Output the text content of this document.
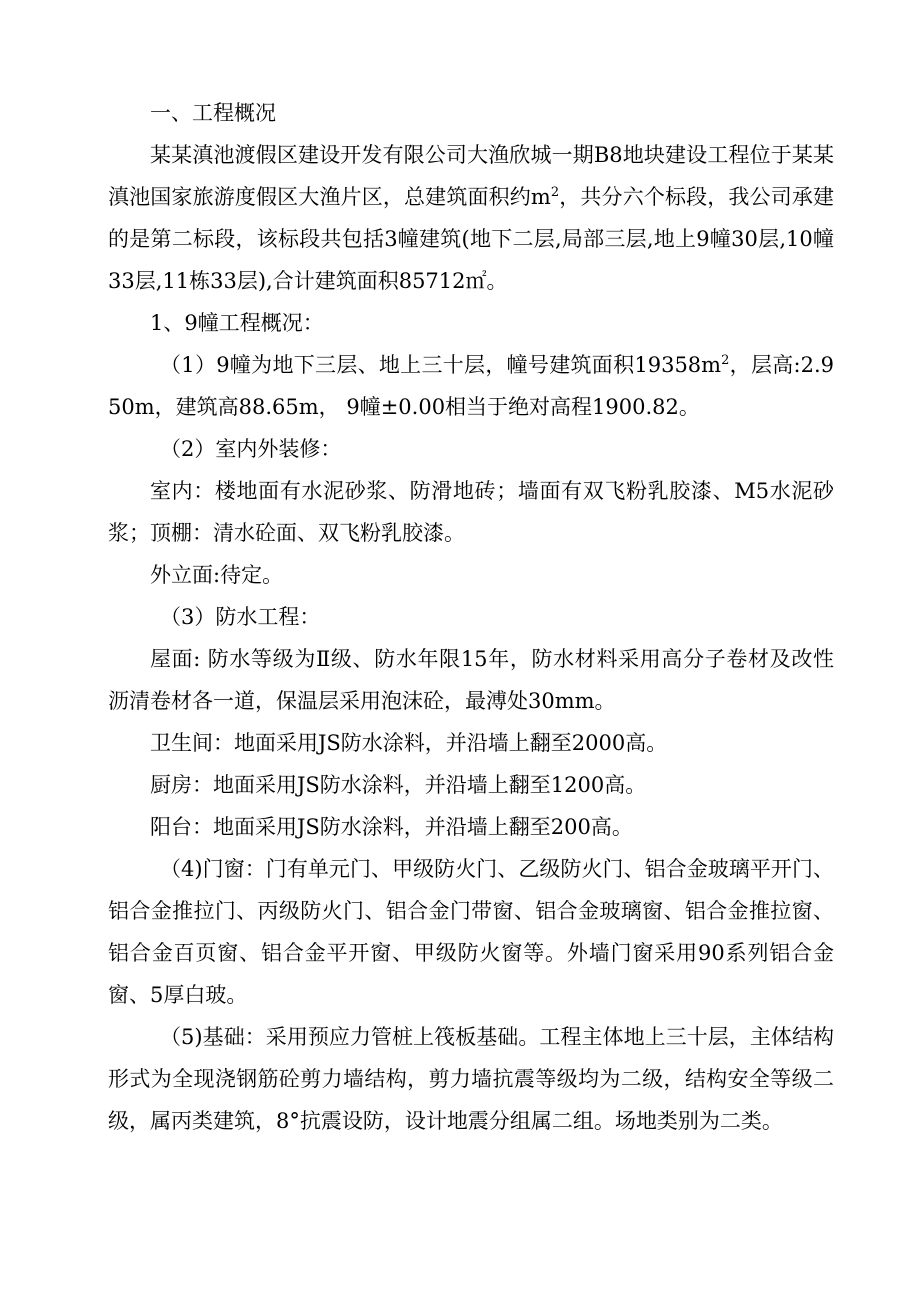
一、工程概况

某某滇池渡假区建设开发有限公司大渔欣城一期B8地块建设工程位于某某滇池国家旅游度假区大渔片区，总建筑面积约$m^2$，共分六个标段，我公司承建的是第二标段，该标段共包括3幢建筑(地下二层,局部三层,地上9幢30层,10幢33层,11栋33层),合计建筑面积85712㎡。

1、9幢工程概况：

（1）9幢为地下三层、地上三十层，幢号建筑面积$19358m^2$，层高:2.950m，建筑高88.65m， 9幢±0.00相当于绝对高程1900.82。

（2）室内外装修：

室内：楼地面有水泥砂浆、防滑地砖；墙面有双飞粉乳胶漆、M5水泥砂浆；顶棚：清水砼面、双飞粉乳胶漆。

外立面:待定。

（3）防水工程：

屋面: 防水等级为Ⅱ级、防水年限15年，防水材料采用高分子卷材及改性沥清卷材各一道，保温层采用泡沫砼，最溥处30mm。

卫生间：地面采用JS防水涂料，并沿墙上翻至2000高。

厨房：地面采用JS防水涂料，并沿墙上翻至1200高。

阳台：地面采用JS防水涂料，并沿墙上翻至200高。

（4)门窗：门有单元门、甲级防火门、乙级防火门、铝合金玻璃平开门、铝合金推拉门、丙级防火门、铝合金门带窗、铝合金玻璃窗、铝合金推拉窗、铝合金百页窗、铝合金平开窗、甲级防火窗等。外墙门窗采用90系列铝合金窗、5厚白玻。

（5)基础：采用预应力管桩上筏板基础。工程主体地上三十层，主体结构形式为全现浇钢筋砼剪力墙结构，剪力墙抗震等级均为二级，结构安全等级二级，属丙类建筑，8°抗震设防，设计地震分组属二组。场地类别为二类。
